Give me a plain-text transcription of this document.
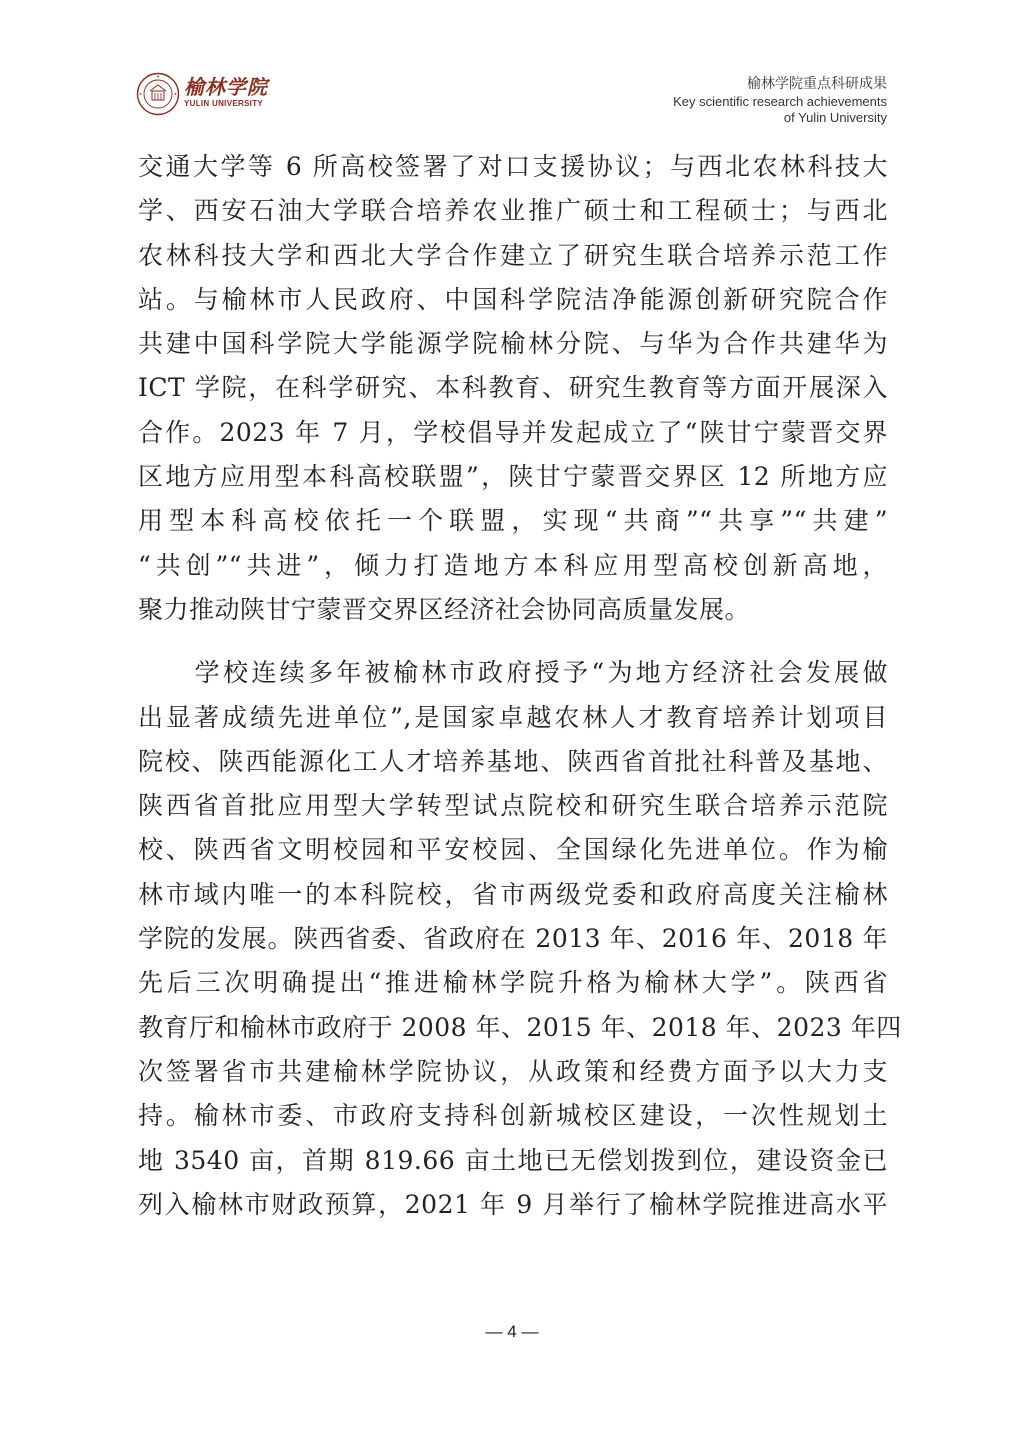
榆林学院
YULIN UNIVERSITY
榆林学院重点科研成果
Key scientific research achievements
of Yulin University
交通大学等 6 所高校签署了对口支援协议；与西北农林科技大
学、西安石油大学联合培养农业推广硕士和工程硕士；与西北
农林科技大学和西北大学合作建立了研究生联合培养示范工作
站。与榆林市人民政府、中国科学院洁净能源创新研究院合作
共建中国科学院大学能源学院榆林分院、与华为合作共建华为
ICT 学院，在科学研究、本科教育、研究生教育等方面开展深入
合作。2023 年 7 月，学校倡导并发起成立了“陕甘宁蒙晋交界
区地方应用型本科高校联盟”，陕甘宁蒙晋交界区 12 所地方应
用型本科高校依托一个联盟，实现“共商”“共享”“共建”
“共创”“共进”，倾力打造地方本科应用型高校创新高地，
聚力推动陕甘宁蒙晋交界区经济社会协同高质量发展。
　　学校连续多年被榆林市政府授予“为地方经济社会发展做
出显著成绩先进单位”,是国家卓越农林人才教育培养计划项目
院校、陕西能源化工人才培养基地、陕西省首批社科普及基地、
陕西省首批应用型大学转型试点院校和研究生联合培养示范院
校、陕西省文明校园和平安校园、全国绿化先进单位。作为榆
林市域内唯一的本科院校，省市两级党委和政府高度关注榆林
学院的发展。陕西省委、省政府在 2013 年、2016 年、2018 年
先后三次明确提出“推进榆林学院升格为榆林大学”。陕西省
教育厅和榆林市政府于 2008 年、2015 年、2018 年、2023 年四
次签署省市共建榆林学院协议，从政策和经费方面予以大力支
持。榆林市委、市政府支持科创新城校区建设，一次性规划土
地 3540 亩，首期 819.66 亩土地已无偿划拨到位，建设资金已
列入榆林市财政预算，2021 年 9 月举行了榆林学院推进高水平
— 4 —
